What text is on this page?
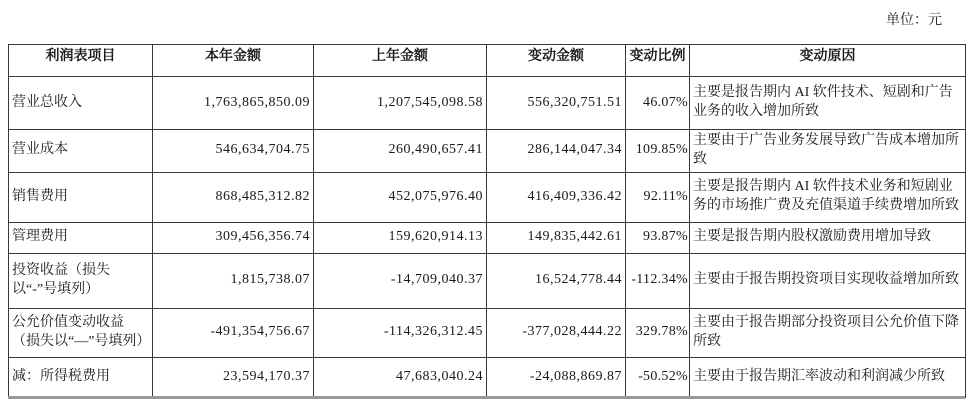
单位：元
利润表项目	本年金额	上年金额	变动金额	变动比例	变动原因
营业总收入	1,763,865,850.09	1,207,545,098.58	556,320,751.51	46.07%	主要是报告期内 AI 软件技术、短剧和广告业务的收入增加所致
营业成本	546,634,704.75	260,490,657.41	286,144,047.34	109.85%	主要由于广告业务发展导致广告成本增加所致
销售费用	868,485,312.82	452,075,976.40	416,409,336.42	92.11%	主要是报告期内 AI 软件技术业务和短剧业务的市场推广费及充值渠道手续费增加所致
管理费用	309,456,356.74	159,620,914.13	149,835,442.61	93.87%	主要是报告期内股权激励费用增加导致
投资收益（损失以“-”号填列）	1,815,738.07	-14,709,040.37	16,524,778.44	-112.34%	主要由于报告期投资项目实现收益增加所致
公允价值变动收益（损失以“—”号填列）	-491,354,756.67	-114,326,312.45	-377,028,444.22	329.78%	主要由于报告期部分投资项目公允价值下降所致
减：所得税费用	23,594,170.37	47,683,040.24	-24,088,869.87	-50.52%	主要由于报告期汇率波动和利润减少所致
